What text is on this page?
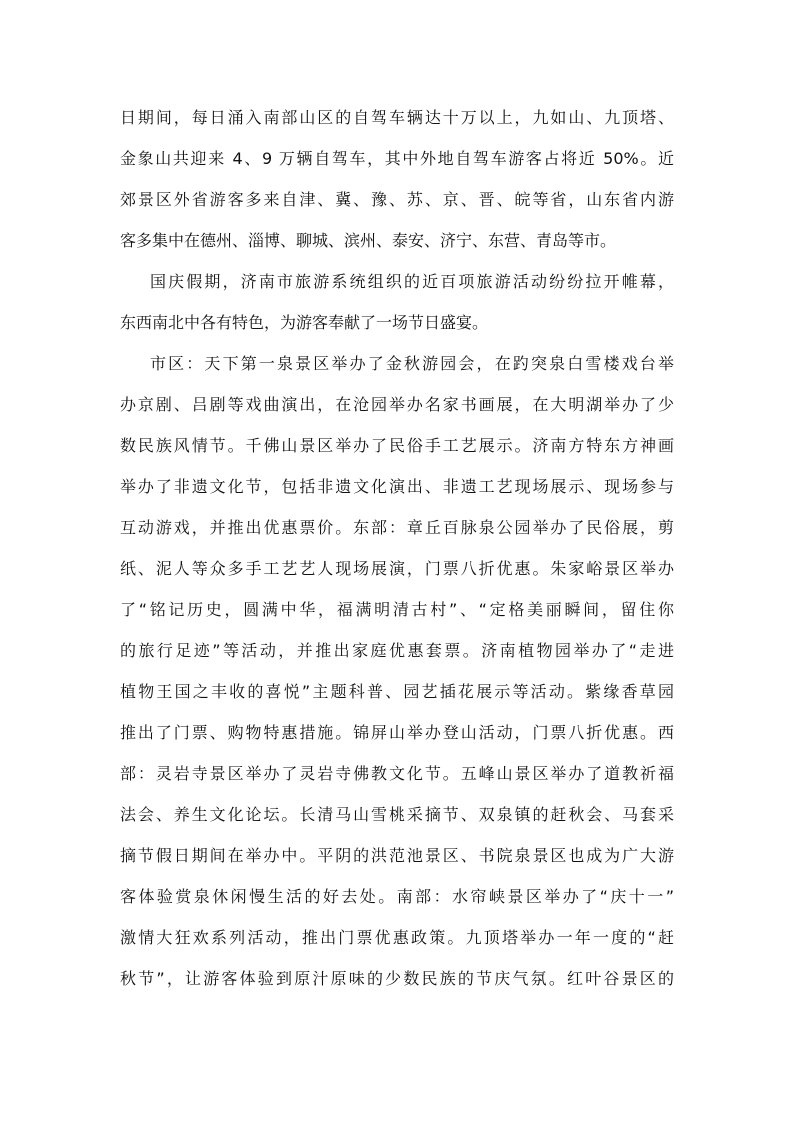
日期间，每日涌入南部山区的自驾车辆达十万以上，九如山、九顶塔、
金象山共迎来 4、9 万辆自驾车，其中外地自驾车游客占将近 50%。近
郊景区外省游客多来自津、冀、豫、苏、京、晋、皖等省，山东省内游
客多集中在德州、淄博、聊城、滨州、泰安、济宁、东营、青岛等市。
国庆假期，济南市旅游系统组织的近百项旅游活动纷纷拉开帷幕，
东西南北中各有特色，为游客奉献了一场节日盛宴。
市区：天下第一泉景区举办了金秋游园会，在趵突泉白雪楼戏台举
办京剧、吕剧等戏曲演出，在沧园举办名家书画展，在大明湖举办了少
数民族风情节。千佛山景区举办了民俗手工艺展示。济南方特东方神画
举办了非遗文化节，包括非遗文化演出、非遗工艺现场展示、现场参与
互动游戏，并推出优惠票价。东部：章丘百脉泉公园举办了民俗展，剪
纸、泥人等众多手工艺艺人现场展演，门票八折优惠。朱家峪景区举办
了“铭记历史，圆满中华，福满明清古村”、“定格美丽瞬间，留住你
的旅行足迹”等活动，并推出家庭优惠套票。济南植物园举办了“走进
植物王国之丰收的喜悦”主题科普、园艺插花展示等活动。紫缘香草园
推出了门票、购物特惠措施。锦屏山举办登山活动，门票八折优惠。西
部：灵岩寺景区举办了灵岩寺佛教文化节。五峰山景区举办了道教祈福
法会、养生文化论坛。长清马山雪桃采摘节、双泉镇的赶秋会、马套采
摘节假日期间在举办中。平阴的洪范池景区、书院泉景区也成为广大游
客体验赏泉休闲慢生活的好去处。南部：水帘峡景区举办了“庆十一”
激情大狂欢系列活动，推出门票优惠政策。九顶塔举办一年一度的“赶
秋节”，让游客体验到原汁原味的少数民族的节庆气氛。红叶谷景区的
